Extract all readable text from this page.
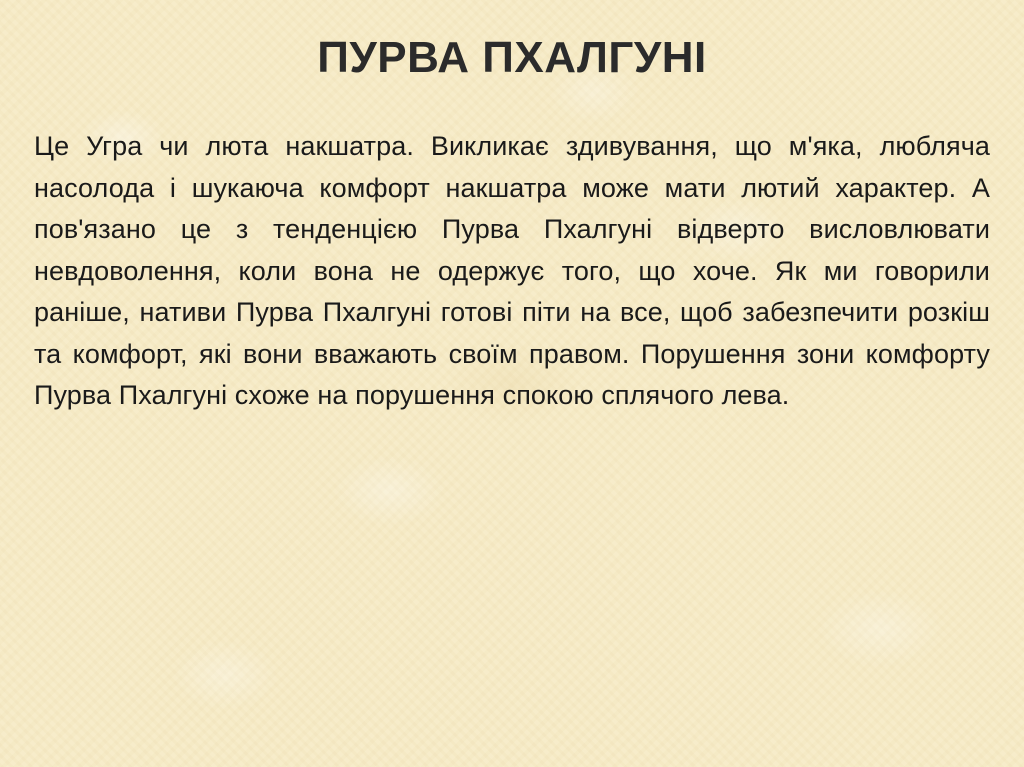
ПУРВА ПХАЛГУНІ

Це Угра чи люта накшатра. Викликає здивування, що м'яка, любляча насолода і шукаюча комфорт накшатра може мати лютий характер. А пов'язано це з тенденцією Пурва Пхалгуні відверто висловлювати невдоволення, коли вона не одержує того, що хоче. Як ми говорили раніше, нативи Пурва Пхалгуні готові піти на все, щоб забезпечити розкіш та комфорт, які вони вважають своїм правом. Порушення зони комфорту Пурва Пхалгуні схоже на порушення спокою сплячого лева.
